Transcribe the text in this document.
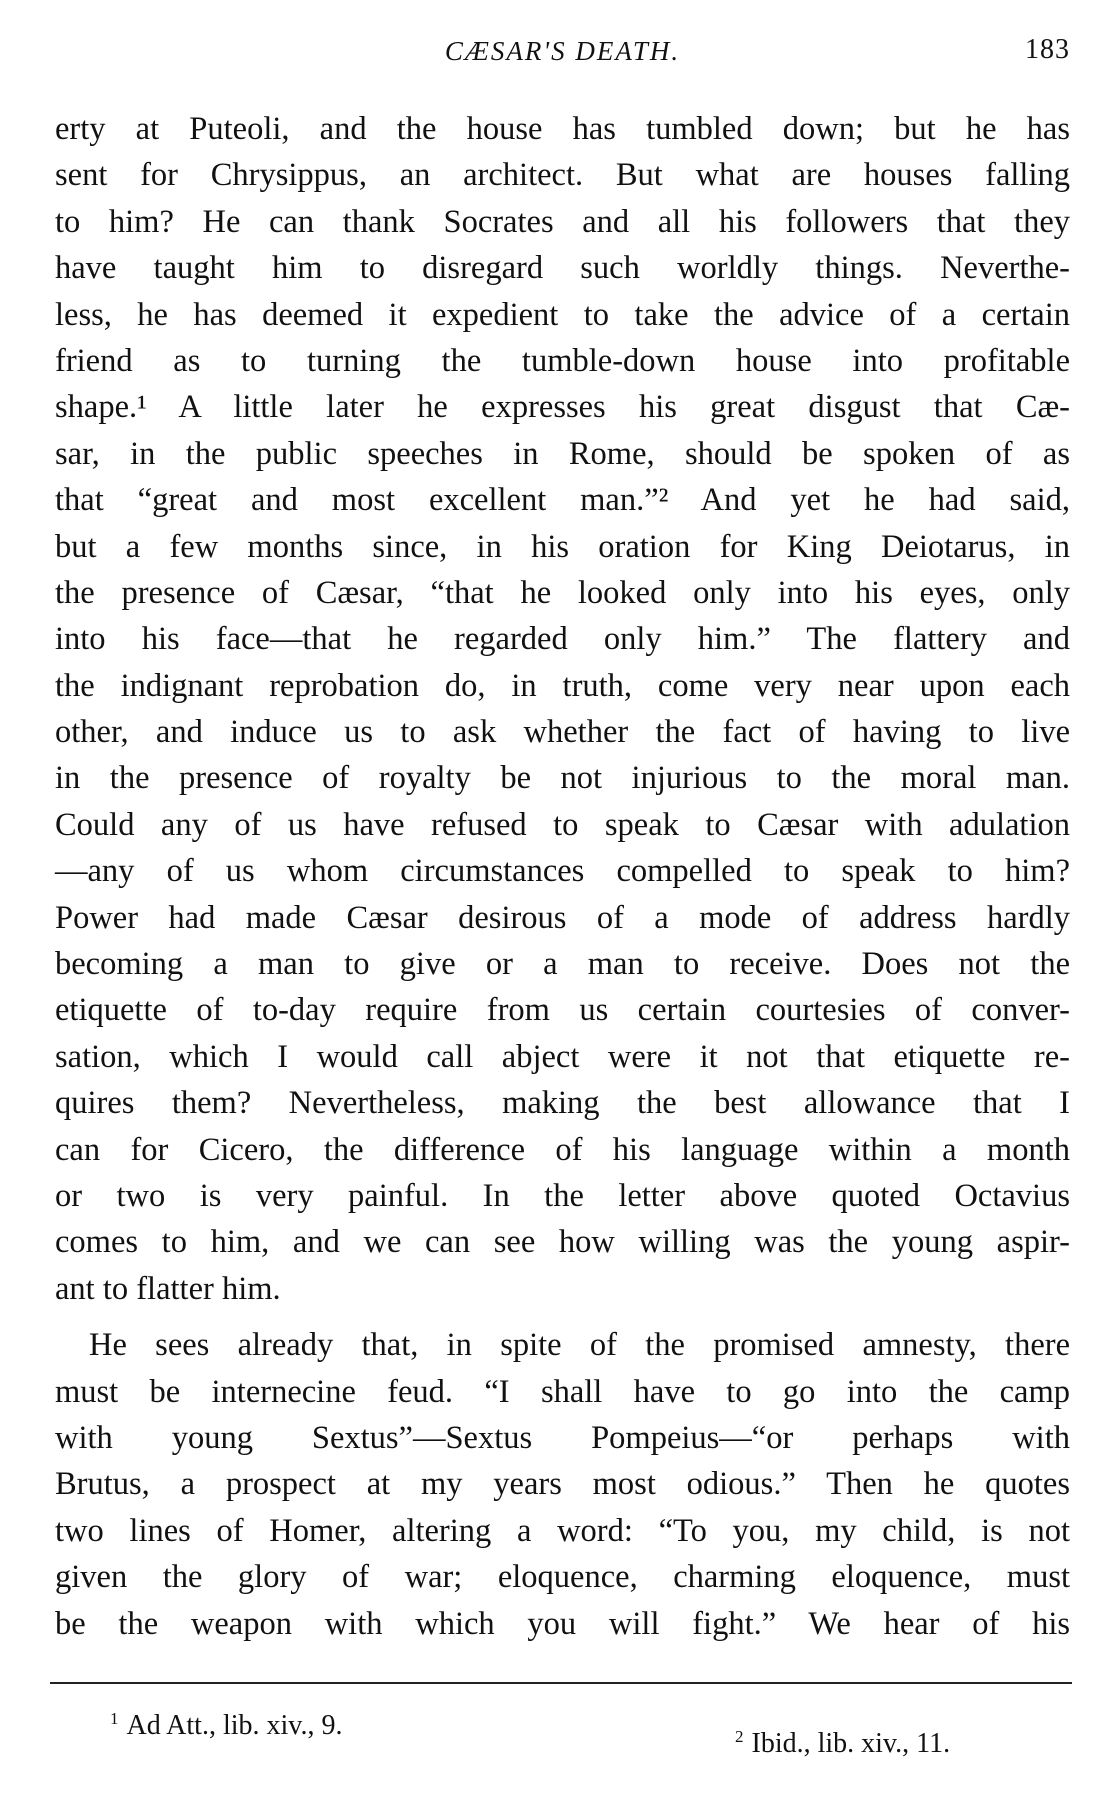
CÆSAR'S DEATH.	183
erty at Puteoli, and the house has tumbled down; but he has
sent for Chrysippus, an architect. But what are houses falling
to him? He can thank Socrates and all his followers that they
have taught him to disregard such worldly things. Neverthe-
less, he has deemed it expedient to take the advice of a certain
friend as to turning the tumble-down house into profitable
shape.¹ A little later he expresses his great disgust that Cæ-
sar, in the public speeches in Rome, should be spoken of as
that “great and most excellent man.”² And yet he had said,
but a few months since, in his oration for King Deiotarus, in
the presence of Cæsar, “that he looked only into his eyes, only
into his face—that he regarded only him.” The flattery and
the indignant reprobation do, in truth, come very near upon each
other, and induce us to ask whether the fact of having to live
in the presence of royalty be not injurious to the moral man.
Could any of us have refused to speak to Cæsar with adulation
—any of us whom circumstances compelled to speak to him?
Power had made Cæsar desirous of a mode of address hardly
becoming a man to give or a man to receive. Does not the
etiquette of to-day require from us certain courtesies of conver-
sation, which I would call abject were it not that etiquette re-
quires them? Nevertheless, making the best allowance that I
can for Cicero, the difference of his language within a month
or two is very painful. In the letter above quoted Octavius
comes to him, and we can see how willing was the young aspir-
ant to flatter him.
He sees already that, in spite of the promised amnesty, there
must be internecine feud. “I shall have to go into the camp
with young Sextus”—Sextus Pompeius—“or perhaps with
Brutus, a prospect at my years most odious.” Then he quotes
two lines of Homer, altering a word: “To you, my child, is not
given the glory of war; eloquence, charming eloquence, must
be the weapon with which you will fight.” We hear of his
$^1$ Ad Att., lib. xiv., 9.	$^2$ Ibid., lib. xiv., 11.
